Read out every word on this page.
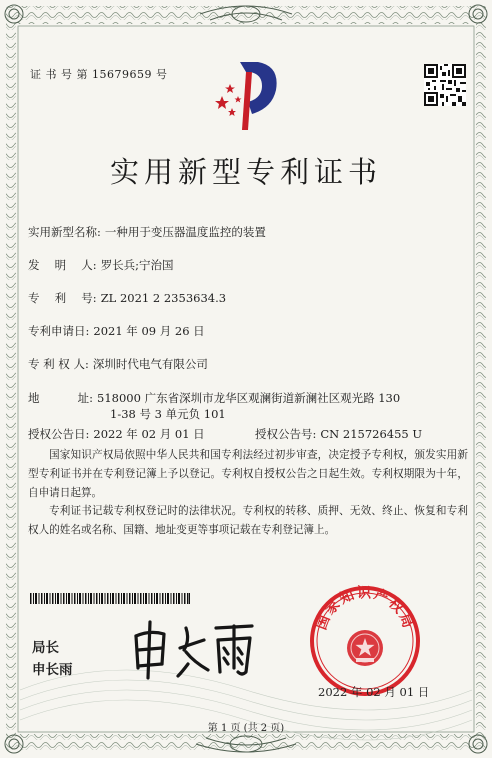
证 书 号 第 15679659 号
实用新型专利证书
实用新型名称: 一种用于变压器温度监控的装置
发　 明　 人: 罗长兵;宁治国
专　 利　 号: ZL 2021 2 2353634.3
专利申请日: 2021 年 09 月 26 日
专 利 权 人: 深圳时代电气有限公司
地　　　 址: 518000 广东省深圳市龙华区观澜街道新澜社区观光路 130
1-38 号 3 单元负 101
授权公告日: 2022 年 02 月 01 日	授权公告号: CN 215726455 U
国家知识产权局依照中华人民共和国专利法经过初步审查，决定授予专利权，颁发实用新型专利证书并在专利登记簿上予以登记。专利权自授权公告之日起生效。专利权期限为十年，自申请日起算。
专利证书记载专利权登记时的法律状况。专利权的转移、质押、无效、终止、恢复和专利权人的姓名或名称、国籍、地址变更等事项记载在专利登记簿上。
局长
申长雨
国家知识产权局
2022 年 02 月 01 日
第 1 页 (共 2 页)
